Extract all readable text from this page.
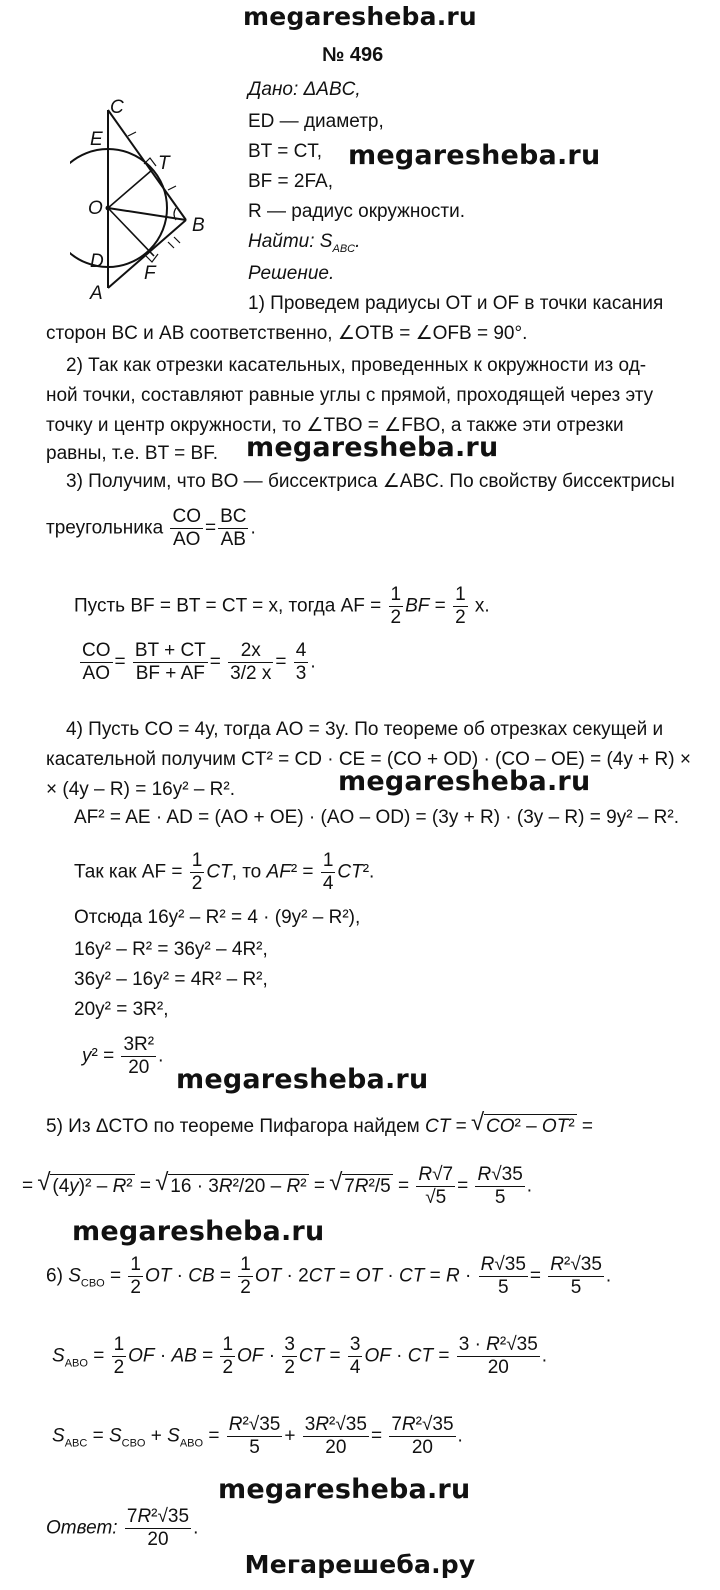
megaresheba.ru
№ 496
C
E
T
O
B
D
F
A
Дано: ΔABC,
ED — диаметр,
BT = CT, megaresheba.ru
BF = 2FA,
R — радиус окружности.
Найти: $S_{ABC}$.
Решение.
1) Проведем радиусы OT и OF в точки касания
сторон BC и AB соответственно, ∠OTB = ∠OFB = 90°.
2) Так как отрезки касательных, проведенных к окружности из од-
ной точки, составляют равные углы с прямой, проходящей через эту
точку и центр окружности, то ∠TBO = ∠FBO, а также эти отрезки
равны, т.е. BT = BF. megaresheba.ru
3) Получим, что BO — биссектриса ∠ABC. По свойству биссектрисы
треугольника $\frac{CO}{AO} = \frac{BC}{AB}$ .
Пусть BF = BT = CT = x, тогда AF = $\frac{1}{2}$ BF = $\frac{1}{2} x$.
$\frac{CO}{AO} = \frac{BT + CT}{BF + AF} = \frac{2x}{3/2 x} = \frac{4}{3}$ .
4) Пусть CO = 4y, тогда AO = 3y. По теореме об отрезках секущей и
касательной получим CT² = CD · CE = (CO + OD) · (CO – OE) = (4y + R) ×
× (4y – R) = 16y² – R².	megaresheba.ru
AF² = AE · AD = (AO + OE) · (AO – OD) = (3y + R) · (3y – R) = 9y² – R².
Так как AF = $\frac{1}{2}$ CT, то $AF^2 = \frac{1}{4} CT^2$.
Отсюда 16y² – R² = 4 · (9y² – R²),
16y² – R² = 36y² – 4R²,
36y² – 16y² = 4R² – R²,
20y² = 3R²,
$y^2 = \frac{\text{3R²}}{20}$ .
megaresheba.ru
5) Из ΔCTO по теореме Пифагора найдем CT = √ CO² – OT² =
= √ (4y)² – R² = √ 16 · 3R²/20 – R² = √ $7R^2/5 = \frac{R√7}{√5} = \frac{R√35}{5}$ .
megaresheba.ru
6) $S_{CBO} = \frac{1}{2}$ OT · CB = $\frac{1}{2}$ OT · 2CT = OT · CT = $R \cdot \frac{R√35}{5} = \frac{\text{R²√35}}{5}$ .
$S_{ABO} = \frac{1}{2}$ OF · AB = $\frac{1}{2}$ OF · $\frac{3}{2}$ CT = $\frac{3}{4}$ OF · CT = $\frac{\text{3 · R²√35}}{20}$ .
$S_{ABC} = S_{CBO} + S_{ABO} = \frac{\text{R²√35}}{5} + \frac{\text{3R²√35}}{20} = \frac{\text{7R²√35}}{20}$ .
megaresheba.ru
Ответ: $\frac{\text{7R²√35}}{20}$ .
Мегарешеба.ру
